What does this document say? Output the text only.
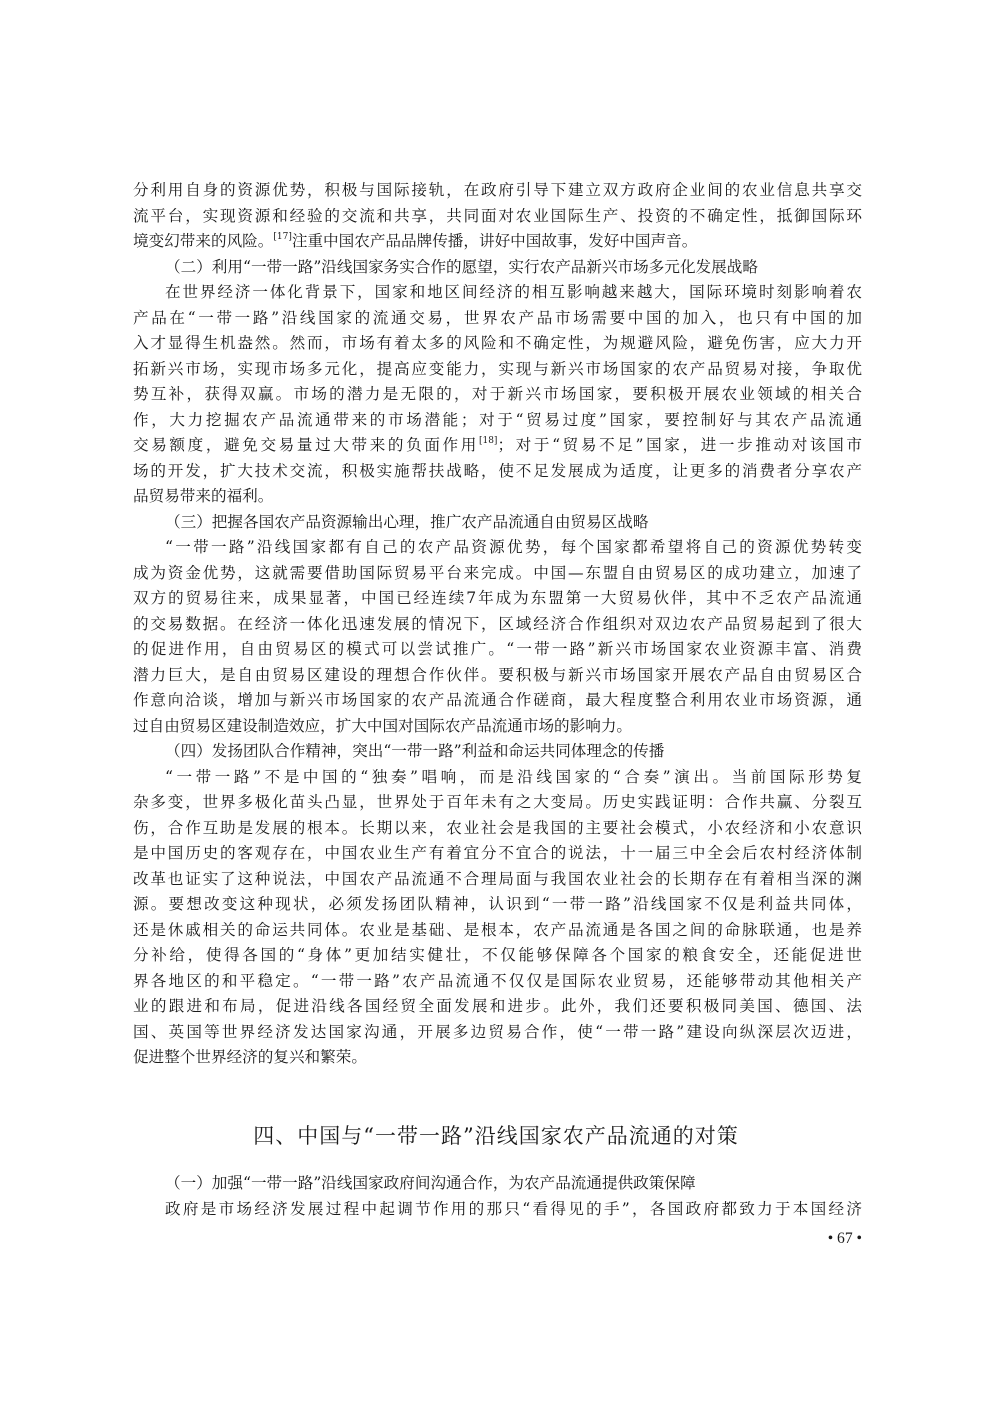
分利用自身的资源优势，积极与国际接轨，在政府引导下建立双方政府企业间的农业信息共享交
流平台，实现资源和经验的交流和共享，共同面对农业国际生产、投资的不确定性，抵御国际环
境变幻带来的风险。[17]注重中国农产品品牌传播，讲好中国故事，发好中国声音。
（二）利用“一带一路”沿线国家务实合作的愿望，实行农产品新兴市场多元化发展战略
在世界经济一体化背景下，国家和地区间经济的相互影响越来越大，国际环境时刻影响着农
产品在“一带一路”沿线国家的流通交易，世界农产品市场需要中国的加入，也只有中国的加
入才显得生机盎然。然而，市场有着太多的风险和不确定性，为规避风险，避免伤害，应大力开
拓新兴市场，实现市场多元化，提高应变能力，实现与新兴市场国家的农产品贸易对接，争取优
势互补，获得双赢。市场的潜力是无限的，对于新兴市场国家，要积极开展农业领域的相关合
作，大力挖掘农产品流通带来的市场潜能；对于“贸易过度”国家，要控制好与其农产品流通
交易额度，避免交易量过大带来的负面作用[18]；对于“贸易不足”国家，进一步推动对该国市
场的开发，扩大技术交流，积极实施帮扶战略，使不足发展成为适度，让更多的消费者分享农产
品贸易带来的福利。
（三）把握各国农产品资源输出心理，推广农产品流通自由贸易区战略
“一带一路”沿线国家都有自己的农产品资源优势，每个国家都希望将自己的资源优势转变
成为资金优势，这就需要借助国际贸易平台来完成。中国—东盟自由贸易区的成功建立，加速了
双方的贸易往来，成果显著，中国已经连续7年成为东盟第一大贸易伙伴，其中不乏农产品流通
的交易数据。在经济一体化迅速发展的情况下，区域经济合作组织对双边农产品贸易起到了很大
的促进作用，自由贸易区的模式可以尝试推广。“一带一路”新兴市场国家农业资源丰富、消费
潜力巨大，是自由贸易区建设的理想合作伙伴。要积极与新兴市场国家开展农产品自由贸易区合
作意向洽谈，增加与新兴市场国家的农产品流通合作磋商，最大程度整合利用农业市场资源，通
过自由贸易区建设制造效应，扩大中国对国际农产品流通市场的影响力。
（四）发扬团队合作精神，突出“一带一路”利益和命运共同体理念的传播
“一带一路”不是中国的“独奏”唱响，而是沿线国家的“合奏”演出。当前国际形势复
杂多变，世界多极化苗头凸显，世界处于百年未有之大变局。历史实践证明：合作共赢、分裂互
伤，合作互助是发展的根本。长期以来，农业社会是我国的主要社会模式，小农经济和小农意识
是中国历史的客观存在，中国农业生产有着宜分不宜合的说法，十一届三中全会后农村经济体制
改革也证实了这种说法，中国农产品流通不合理局面与我国农业社会的长期存在有着相当深的渊
源。要想改变这种现状，必须发扬团队精神，认识到“一带一路”沿线国家不仅是利益共同体，
还是休戚相关的命运共同体。农业是基础、是根本，农产品流通是各国之间的命脉联通，也是养
分补给，使得各国的“身体”更加结实健壮，不仅能够保障各个国家的粮食安全，还能促进世
界各地区的和平稳定。“一带一路”农产品流通不仅仅是国际农业贸易，还能够带动其他相关产
业的跟进和布局，促进沿线各国经贸全面发展和进步。此外，我们还要积极同美国、德国、法
国、英国等世界经济发达国家沟通，开展多边贸易合作，使“一带一路”建设向纵深层次迈进，
促进整个世界经济的复兴和繁荣。
四、中国与“一带一路”沿线国家农产品流通的对策
（一）加强“一带一路”沿线国家政府间沟通合作，为农产品流通提供政策保障
政府是市场经济发展过程中起调节作用的那只“看得见的手”，各国政府都致力于本国经济
• 67 •
